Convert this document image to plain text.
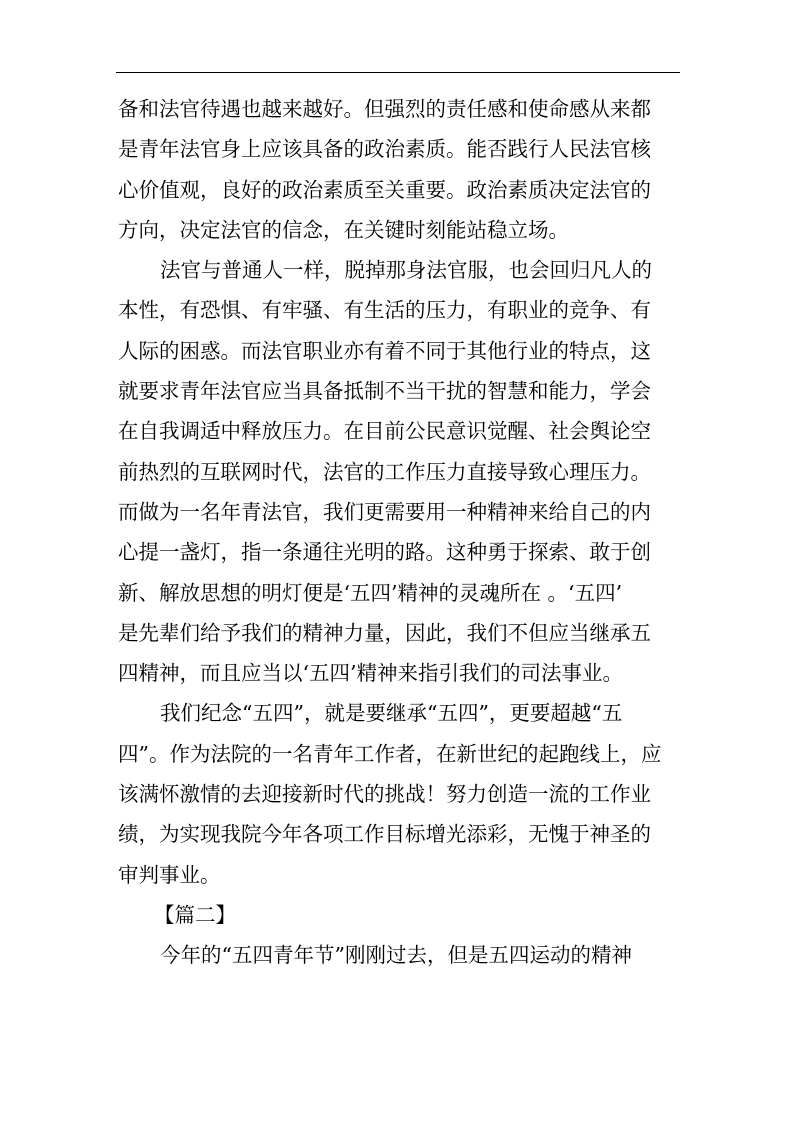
备和法官待遇也越来越好。但强烈的责任感和使命感从来都
是青年法官身上应该具备的政治素质。能否践行人民法官核
心价值观，良好的政治素质至关重要。政治素质决定法官的
方向，决定法官的信念，在关键时刻能站稳立场。
法官与普通人一样，脱掉那身法官服，也会回归凡人的
本性，有恐惧、有牢骚、有生活的压力，有职业的竞争、有
人际的困惑。而法官职业亦有着不同于其他行业的特点，这
就要求青年法官应当具备抵制不当干扰的智慧和能力，学会
在自我调适中释放压力。在目前公民意识觉醒、社会舆论空
前热烈的互联网时代，法官的工作压力直接导致心理压力。
而做为一名年青法官，我们更需要用一种精神来给自己的内
心提一盏灯，指一条通往光明的路。这种勇于探索、敢于创
新、解放思想的明灯便是‘五四’精神的灵魂所在 。‘五四’
是先辈们给予我们的精神力量，因此，我们不但应当继承五
四精神，而且应当以‘五四’精神来指引我们的司法事业。
我们纪念“五四”，就是要继承“五四”，更要超越“五
四”。作为法院的一名青年工作者，在新世纪的起跑线上，应
该满怀激情的去迎接新时代的挑战！努力创造一流的工作业
绩，为实现我院今年各项工作目标增光添彩，无愧于神圣的
审判事业。
【篇二】
今年的“五四青年节”刚刚过去，但是五四运动的精神
